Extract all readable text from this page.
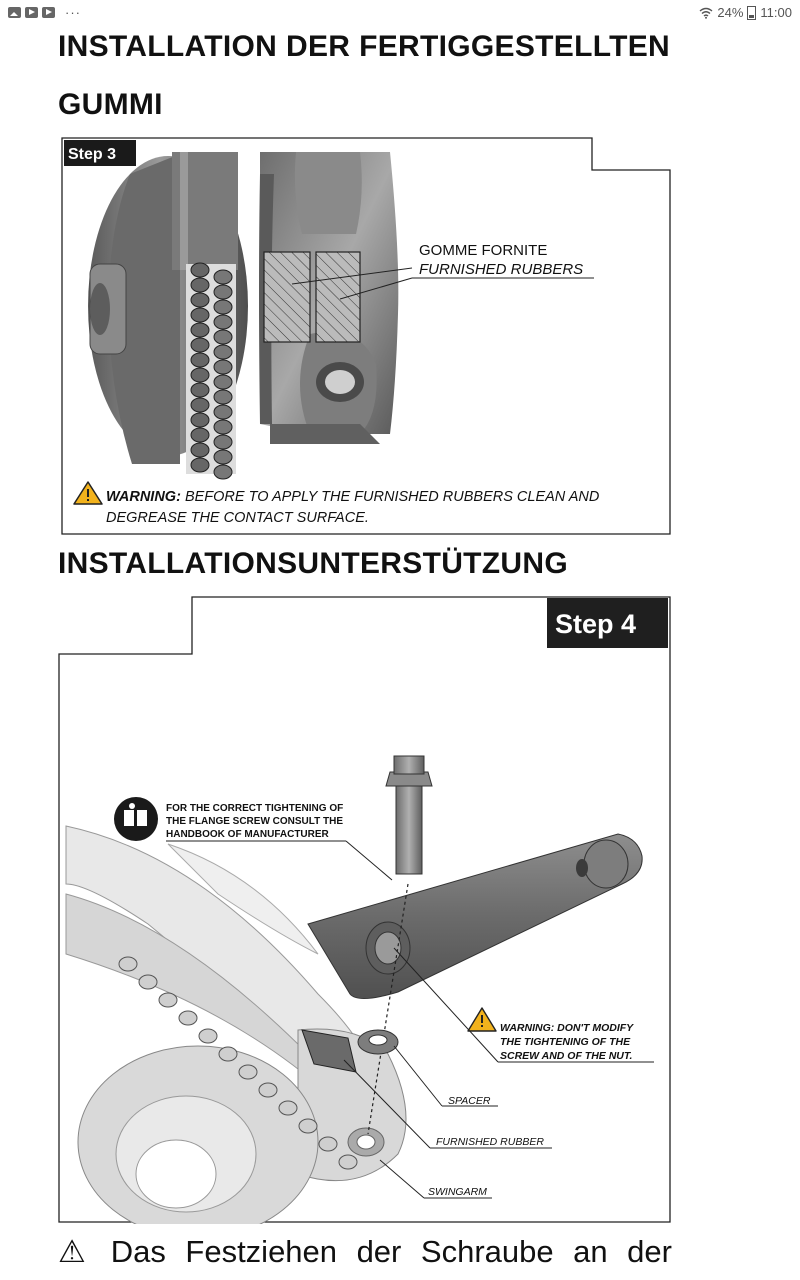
···	24% 11:00
INSTALLATION DER FERTIGGESTELLTEN
GUMMI
Step 3
GOMME FORNITE
FURNISHED RUBBERS
WARNING: BEFORE TO APPLY THE FURNISHED RUBBERS CLEAN AND
DEGREASE THE CONTACT SURFACE.
INSTALLATIONSUNTERSTÜTZUNG
Step 4
FOR THE CORRECT TIGHTENING OF THE FLANGE SCREW CONSULT THE HANDBOOK OF MANUFACTURER
WARNING: DON'T MODIFY THE TIGHTENING OF THE SCREW AND OF THE NUT.
SPACER
FURNISHED RUBBER
SWINGARM
⚠ Das Festziehen der Schraube an der
